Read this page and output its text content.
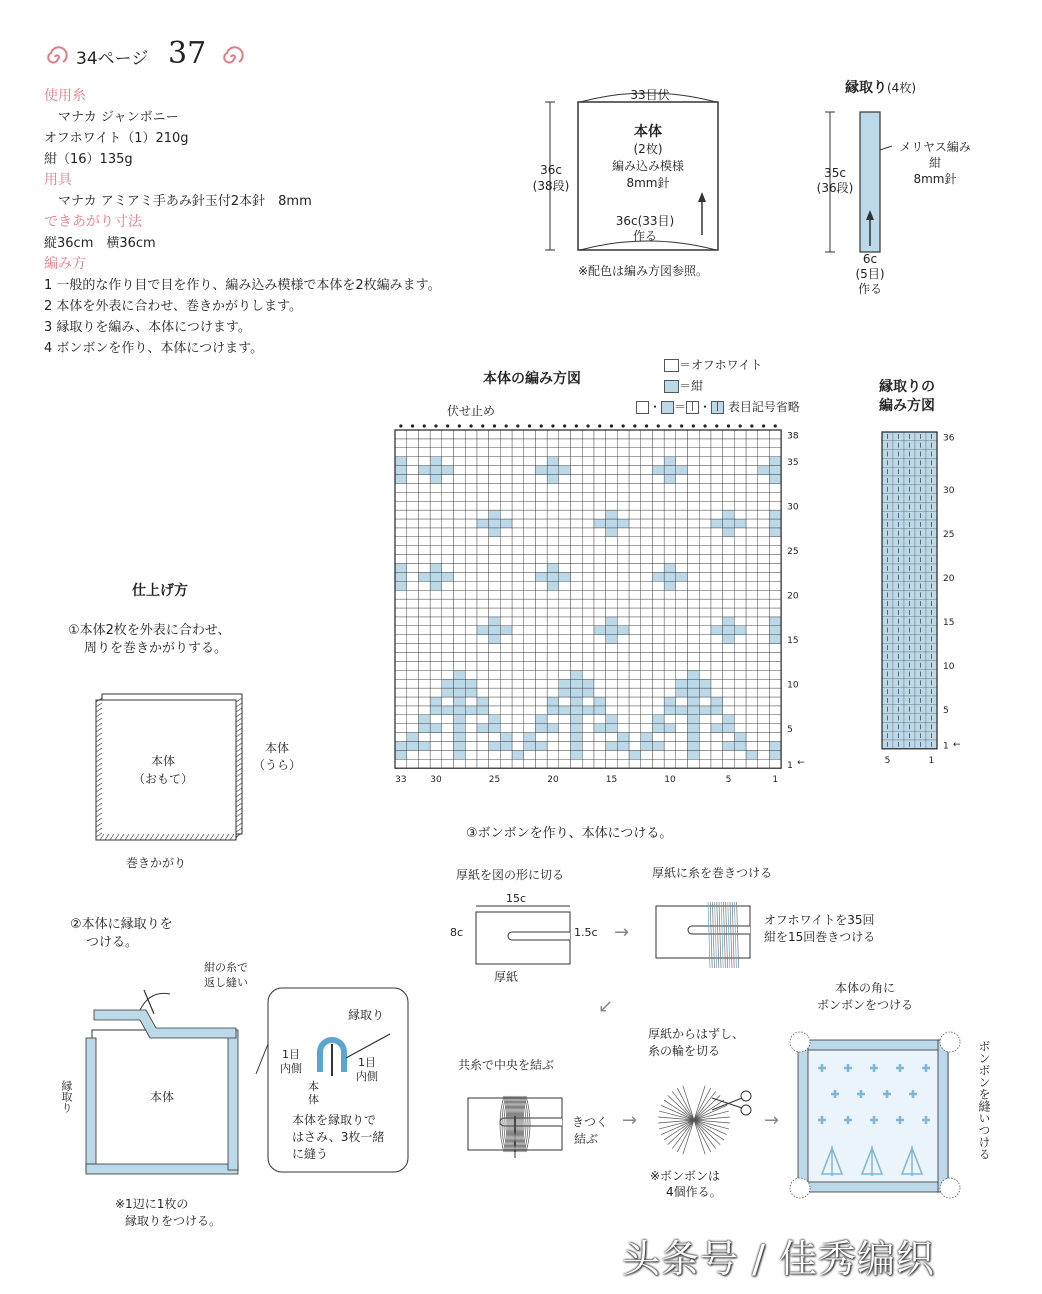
34ページ 37
使用糸
マナカ ジャンボニー
オフホワイト（1）210g
紺（16）135g
用具
マナカ アミアミ手あみ針玉付2本針　8mm
できあがり寸法
縦36cm　横36cm
編み方
1 一般的な作り目で目を作り、編み込み模様で本体を2枚編みます。
2 本体を外表に合わせ、巻きかがりします。
3 縁取りを編み、本体につけます。
4 ボンボンを作り、本体につけます。
33目伏
本体
(2枚)
編み込み模様
8mm針
36c
(38段)
36c(33目)
作る
※配色は編み方図参照。
縁取り(4枚)
35c
(36段)
メリヤス編み
紺
8mm針
6c
(5目)
作る
本体の編み方図
＝オフホワイト
＝紺
・ ＝ | ・ | 表目記号省略
伏せ止め
38
35
30
25
20
15
10
5
1
33	30	25	20	15	10	5	1
←
縁取りの
編み方図
36
30
25
20
15
10
5
1
5	1
←
仕上げ方
①本体2枚を外表に合わせ、
周りを巻きかがりする。
本体
（おもて）
本体
（うら）
巻きかがり
②本体に縁取りを
つける。
紺の糸で
返し縫い
縁取り	本体
縁取り
1目
内側	1目
内側
本体
本体を縁取りで
はさみ、3枚一緒
に縫う
※1辺に1枚の
縁取りをつける。
③ボンボンを作り、本体につける。
厚紙を図の形に切る
15c
8c	1.5c
厚紙
→
厚紙に糸を巻きつける
オフホワイトを35回
紺を15回巻きつける
↙
共糸で中央を結ぶ
きつく
結ぶ
→
厚紙からはずし、
糸の輪を切る
※ボンボンは
4個作る。
→
本体の角に
ボンボンをつける
ボンボンを縫いつける
头条号 / 佳秀编织
